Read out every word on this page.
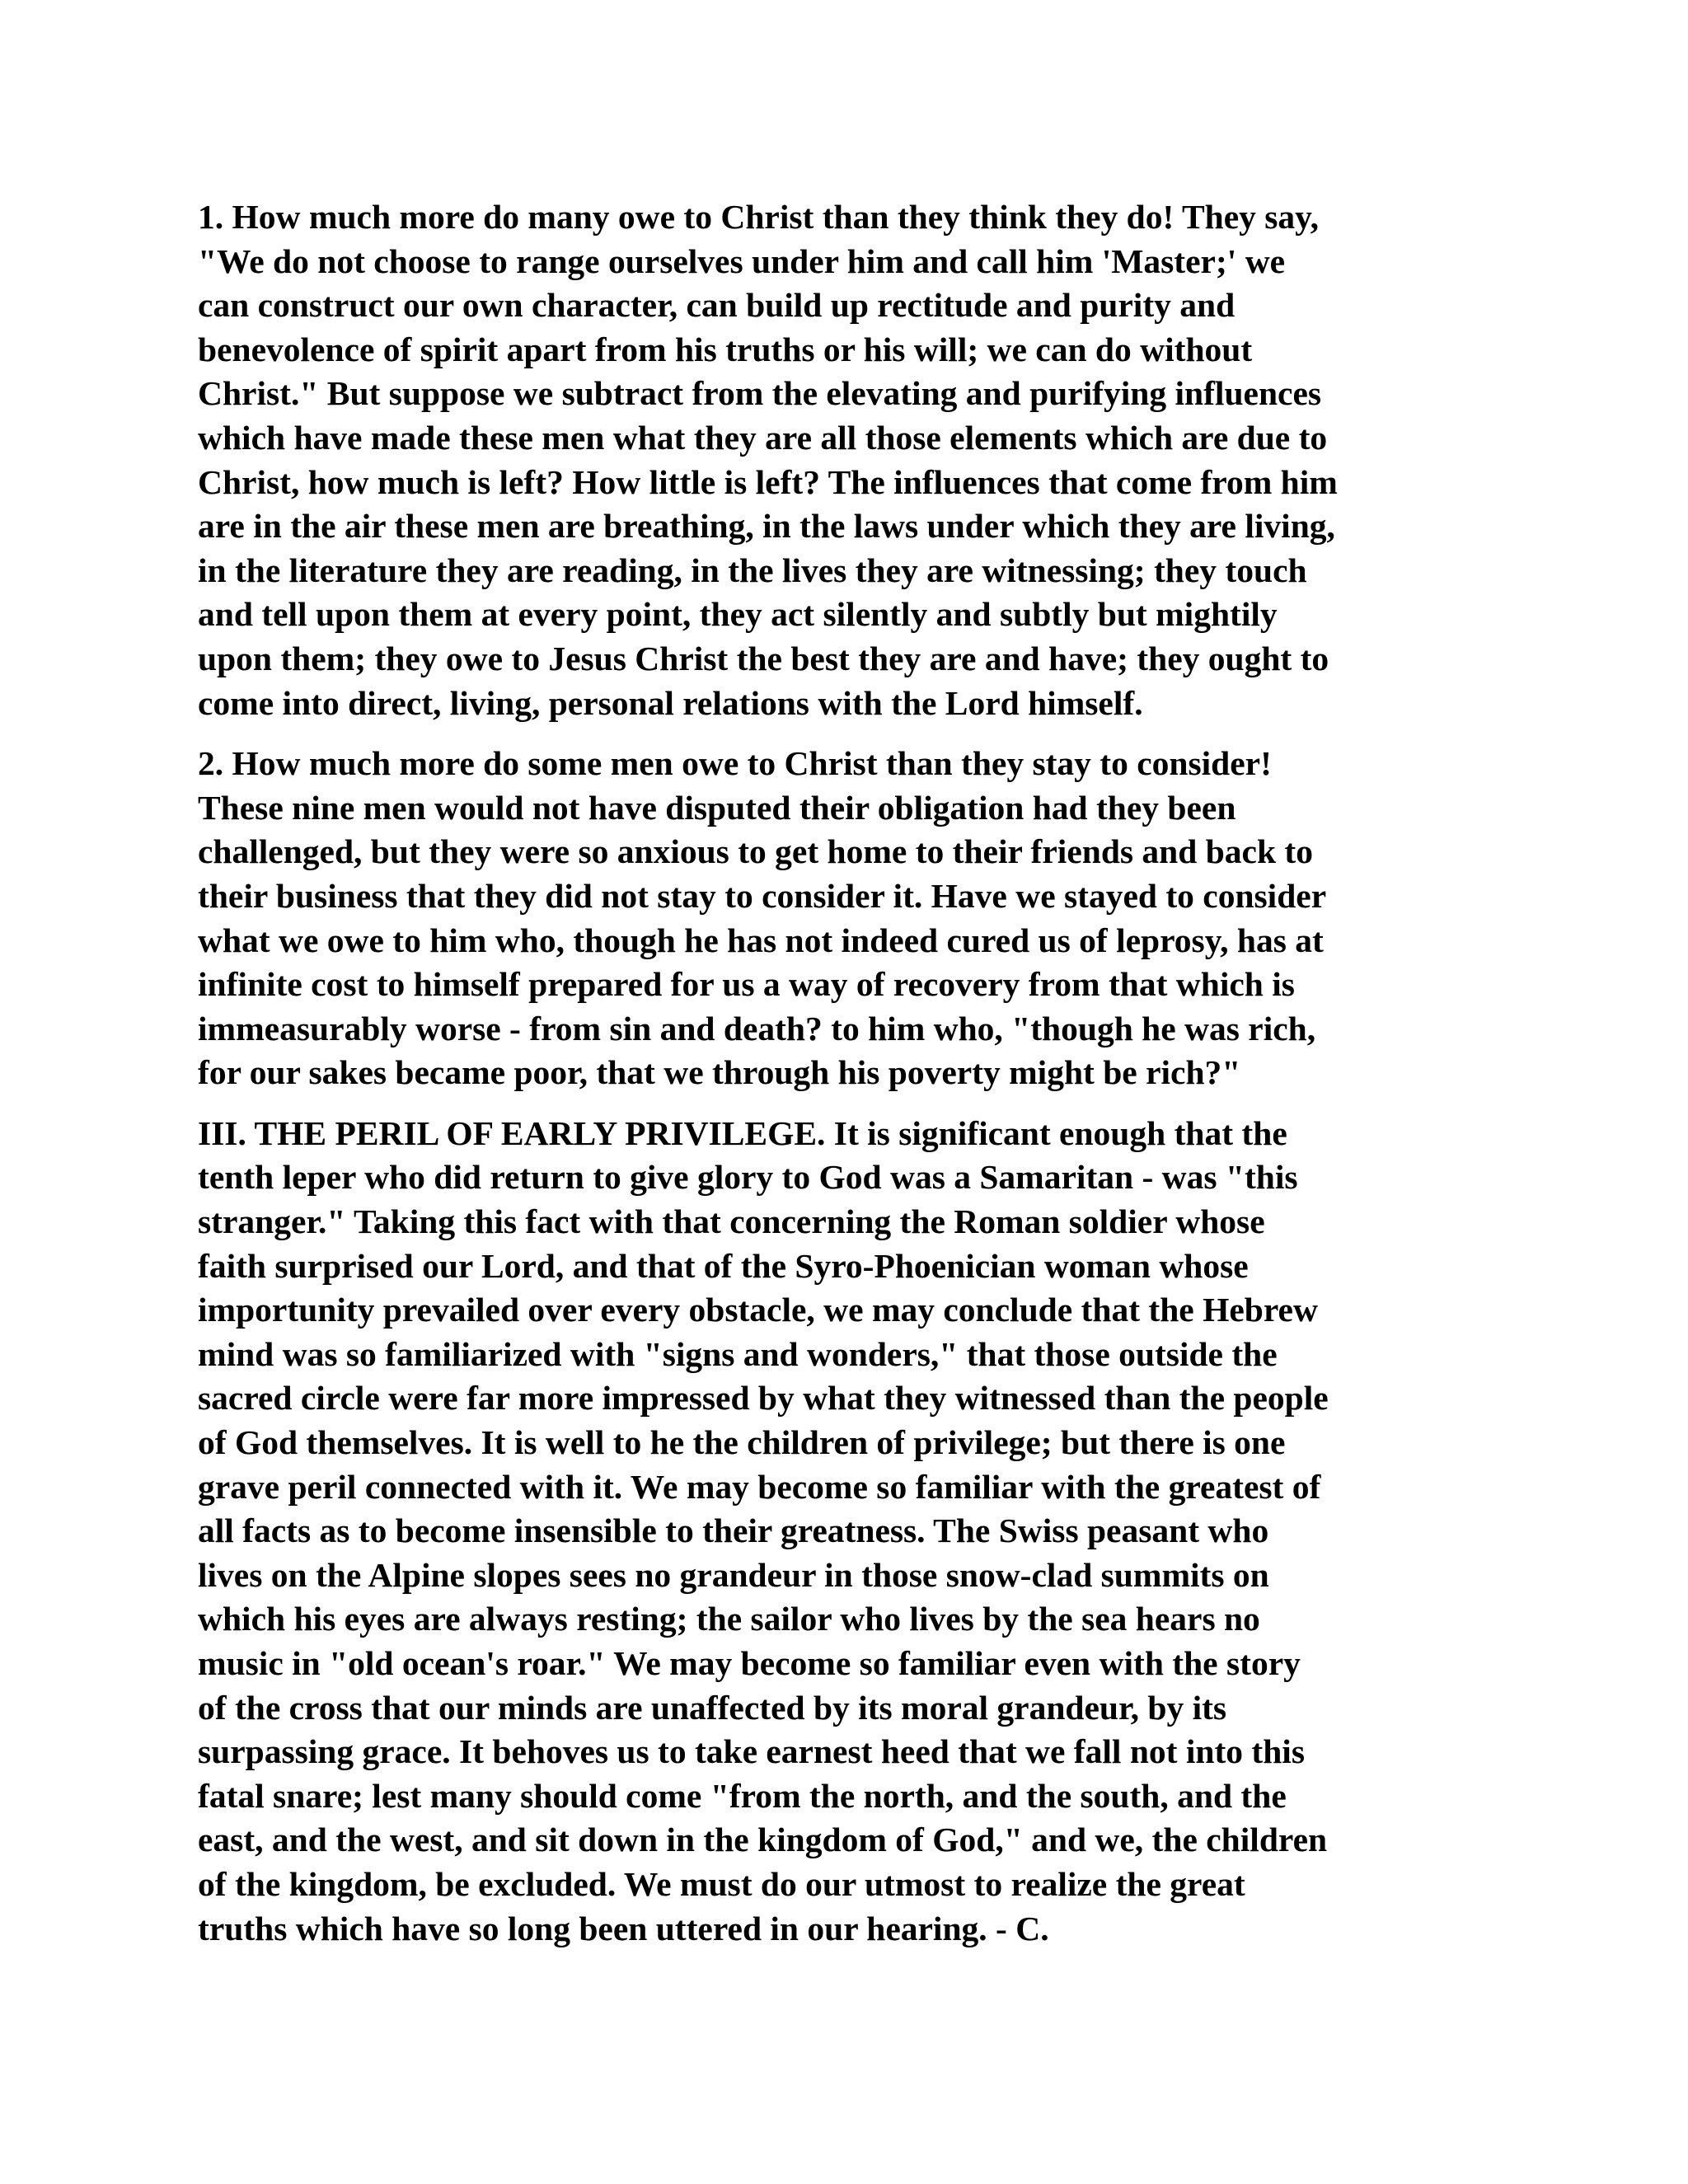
1. How much more do many owe to Christ than they think they do! They say,
"We do not choose to range ourselves under him and call him 'Master;' we
can construct our own character, can build up rectitude and purity and
benevolence of spirit apart from his truths or his will; we can do without
Christ." But suppose we subtract from the elevating and purifying influences
which have made these men what they are all those elements which are due to
Christ, how much is left? How little is left? The influences that come from him
are in the air these men are breathing, in the laws under which they are living,
in the literature they are reading, in the lives they are witnessing; they touch
and tell upon them at every point, they act silently and subtly but mightily
upon them; they owe to Jesus Christ the best they are and have; they ought to
come into direct, living, personal relations with the Lord himself.

2. How much more do some men owe to Christ than they stay to consider!
These nine men would not have disputed their obligation had they been
challenged, but they were so anxious to get home to their friends and back to
their business that they did not stay to consider it. Have we stayed to consider
what we owe to him who, though he has not indeed cured us of leprosy, has at
infinite cost to himself prepared for us a way of recovery from that which is
immeasurably worse - from sin and death? to him who, "though he was rich,
for our sakes became poor, that we through his poverty might be rich?"

III. THE PERIL OF EARLY PRIVILEGE. It is significant enough that the
tenth leper who did return to give glory to God was a Samaritan - was "this
stranger." Taking this fact with that concerning the Roman soldier whose
faith surprised our Lord, and that of the Syro-Phoenician woman whose
importunity prevailed over every obstacle, we may conclude that the Hebrew
mind was so familiarized with "signs and wonders," that those outside the
sacred circle were far more impressed by what they witnessed than the people
of God themselves. It is well to he the children of privilege; but there is one
grave peril connected with it. We may become so familiar with the greatest of
all facts as to become insensible to their greatness. The Swiss peasant who
lives on the Alpine slopes sees no grandeur in those snow-clad summits on
which his eyes are always resting; the sailor who lives by the sea hears no
music in "old ocean's roar." We may become so familiar even with the story
of the cross that our minds are unaffected by its moral grandeur, by its
surpassing grace. It behoves us to take earnest heed that we fall not into this
fatal snare; lest many should come "from the north, and the south, and the
east, and the west, and sit down in the kingdom of God," and we, the children
of the kingdom, be excluded. We must do our utmost to realize the great
truths which have so long been uttered in our hearing. - C.
